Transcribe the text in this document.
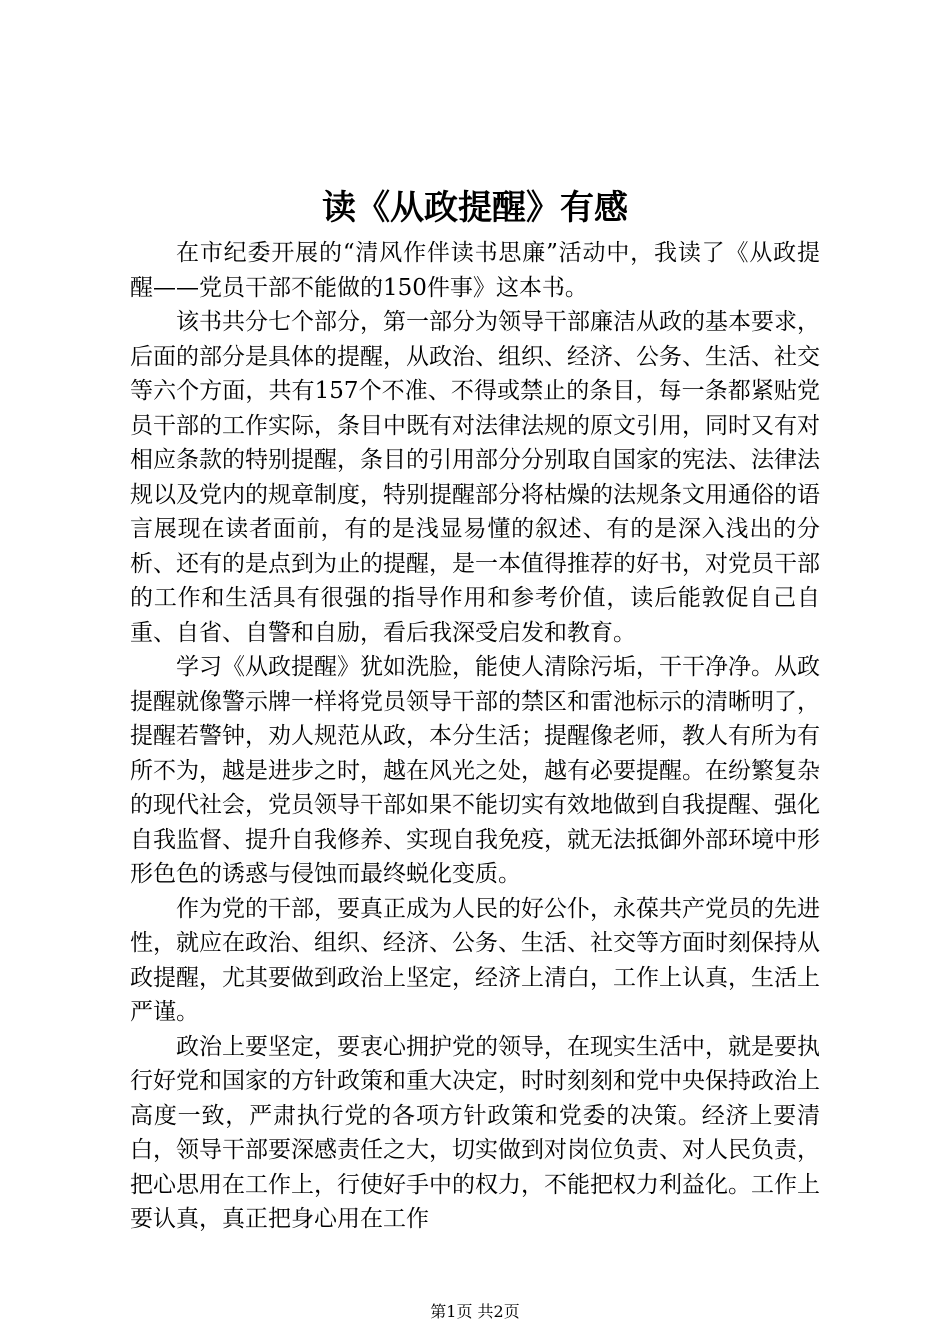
读《从政提醒》有感

在市纪委开展的“清风作伴读书思廉”活动中，我读了《从政提醒——党员干部不能做的150件事》这本书。

该书共分七个部分，第一部分为领导干部廉洁从政的基本要求，后面的部分是具体的提醒，从政治、组织、经济、公务、生活、社交等六个方面，共有157个不准、不得或禁止的条目，每一条都紧贴党员干部的工作实际，条目中既有对法律法规的原文引用，同时又有对相应条款的特别提醒，条目的引用部分分别取自国家的宪法、法律法规以及党内的规章制度，特别提醒部分将枯燥的法规条文用通俗的语言展现在读者面前，有的是浅显易懂的叙述、有的是深入浅出的分析、还有的是点到为止的提醒，是一本值得推荐的好书，对党员干部的工作和生活具有很强的指导作用和参考价值，读后能敦促自己自重、自省、自警和自励，看后我深受启发和教育。

学习《从政提醒》犹如洗脸，能使人清除污垢，干干净净。从政提醒就像警示牌一样将党员领导干部的禁区和雷池标示的清晰明了，提醒若警钟，劝人规范从政，本分生活；提醒像老师，教人有所为有所不为，越是进步之时，越在风光之处，越有必要提醒。在纷繁复杂的现代社会，党员领导干部如果不能切实有效地做到自我提醒、强化自我监督、提升自我修养、实现自我免疫，就无法抵御外部环境中形形色色的诱惑与侵蚀而最终蜕化变质。

作为党的干部，要真正成为人民的好公仆，永葆共产党员的先进性，就应在政治、组织、经济、公务、生活、社交等方面时刻保持从政提醒，尤其要做到政治上坚定，经济上清白，工作上认真，生活上严谨。

政治上要坚定，要衷心拥护党的领导，在现实生活中，就是要执行好党和国家的方针政策和重大决定，时时刻刻和党中央保持政治上高度一致，严肃执行党的各项方针政策和党委的决策。经济上要清白，领导干部要深感责任之大，切实做到对岗位负责、对人民负责，把心思用在工作上，行使好手中的权力，不能把权力利益化。工作上要认真，真正把身心用在工作

第1页 共2页
